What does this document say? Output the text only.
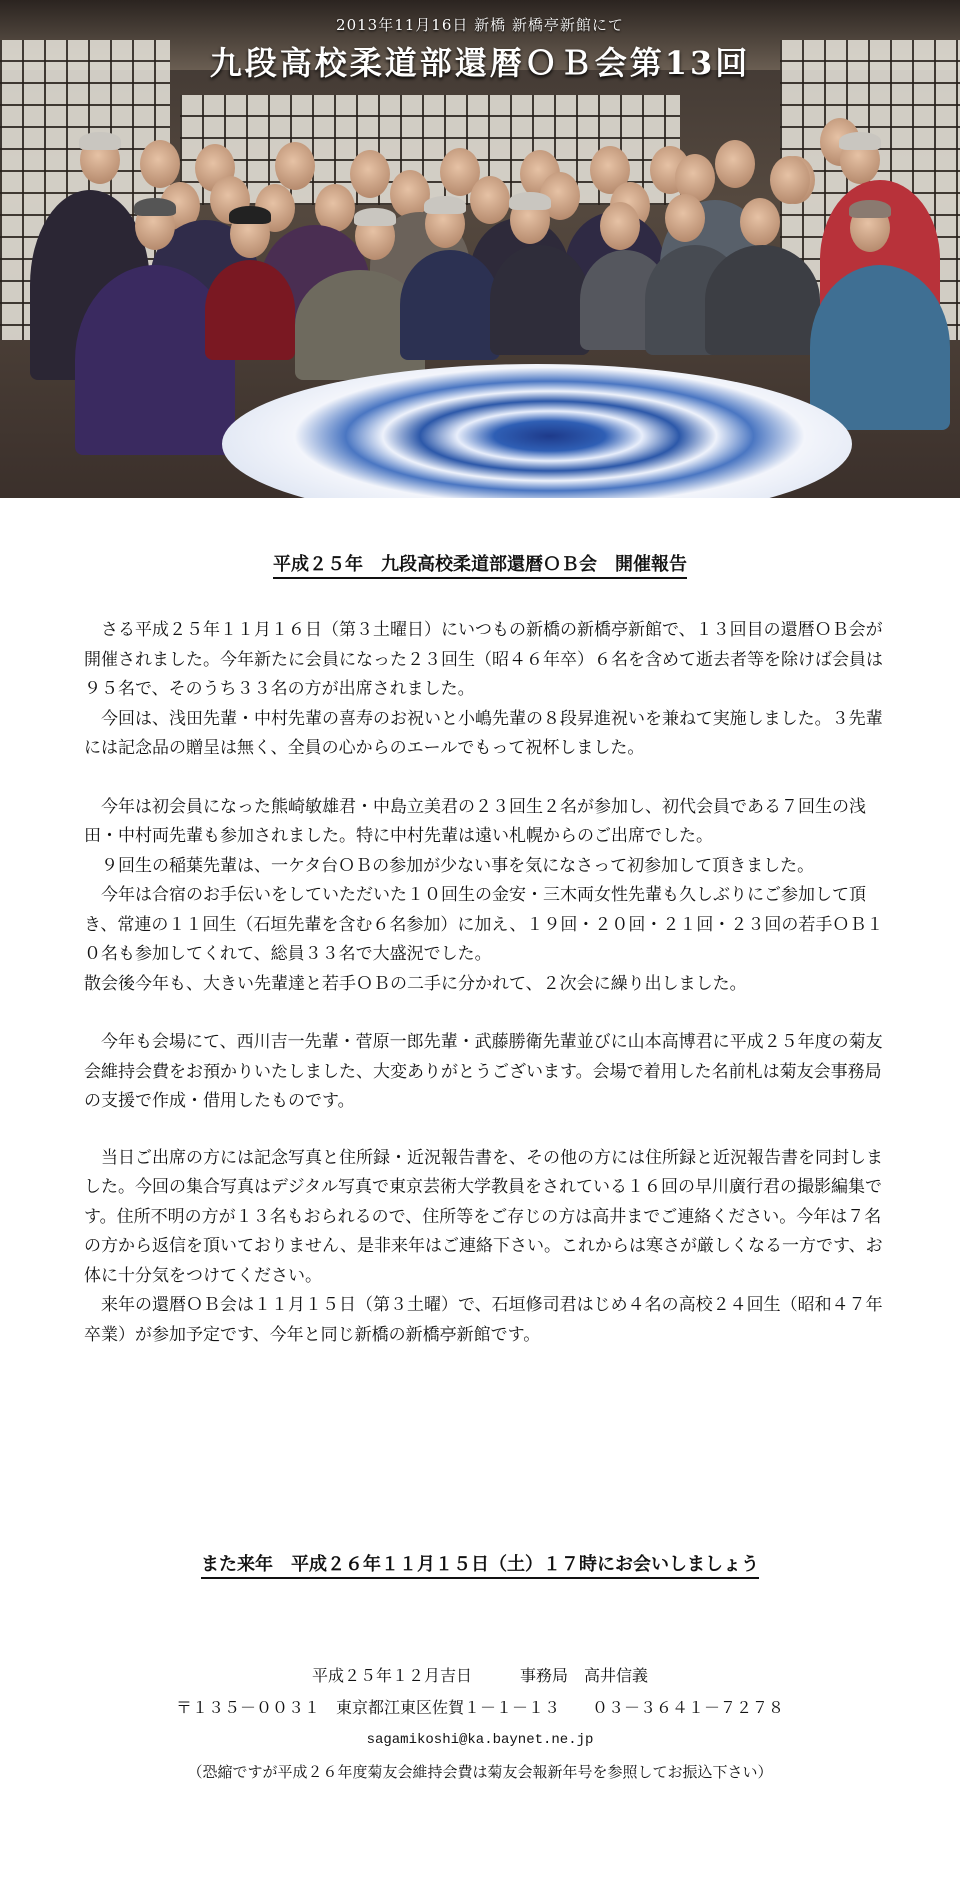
2013年11月16日 新橋 新橋亭新館にて
九段高校柔道部還暦ＯＢ会第13回
平成２５年　九段高校柔道部還暦ＯＢ会　開催報告

　さる平成２５年１１月１６日（第３土曜日）にいつもの新橋の新橋亭新館で、１３回目の還暦ＯＢ会が開催されました。今年新たに会員になった２３回生（昭４６年卒）６名を含めて逝去者等を除けば会員は９５名で、そのうち３３名の方が出席されました。

　今回は、浅田先輩・中村先輩の喜寿のお祝いと小嶋先輩の８段昇進祝いを兼ねて実施しました。３先輩には記念品の贈呈は無く、全員の心からのエールでもって祝杯しました。

　今年は初会員になった熊崎敏雄君・中島立美君の２３回生２名が参加し、初代会員である７回生の浅田・中村両先輩も参加されました。特に中村先輩は遠い札幌からのご出席でした。

　９回生の稲葉先輩は、一ケタ台ＯＢの参加が少ない事を気になさって初参加して頂きました。

　今年は合宿のお手伝いをしていただいた１０回生の金安・三木両女性先輩も久しぶりにご参加して頂き、常連の１１回生（石垣先輩を含む６名参加）に加え、１９回・２０回・２１回・２３回の若手ＯＢ１０名も参加してくれて、総員３３名で大盛況でした。

散会後今年も、大きい先輩達と若手ＯＢの二手に分かれて、２次会に繰り出しました。

　今年も会場にて、西川吉一先輩・菅原一郎先輩・武藤勝衛先輩並びに山本高博君に平成２５年度の菊友会維持会費をお預かりいたしました、大変ありがとうございます。会場で着用した名前札は菊友会事務局の支援で作成・借用したものです。

　当日ご出席の方には記念写真と住所録・近況報告書を、その他の方には住所録と近況報告書を同封しました。今回の集合写真はデジタル写真で東京芸術大学教員をされている１６回の早川廣行君の撮影編集です。住所不明の方が１３名もおられるので、住所等をご存じの方は高井までご連絡ください。今年は７名の方から返信を頂いておりません、是非来年はご連絡下さい。これからは寒さが厳しくなる一方です、お体に十分気をつけてください。

　来年の還暦ＯＢ会は１１月１５日（第３土曜）で、石垣修司君はじめ４名の高校２４回生（昭和４７年卒業）が参加予定です、今年と同じ新橋の新橋亭新館です。

また来年　平成２６年１１月１５日（土）１７時にお会いしましょう
平成２５年１２月吉日　　　事務局　高井信義
〒１３５－００３１　東京都江東区佐賀１－１－１３　　０３－３６４１－７２７８
sagamikoshi@ka.baynet.ne.jp
（恐縮ですが平成２６年度菊友会維持会費は菊友会報新年号を参照してお振込下さい）
